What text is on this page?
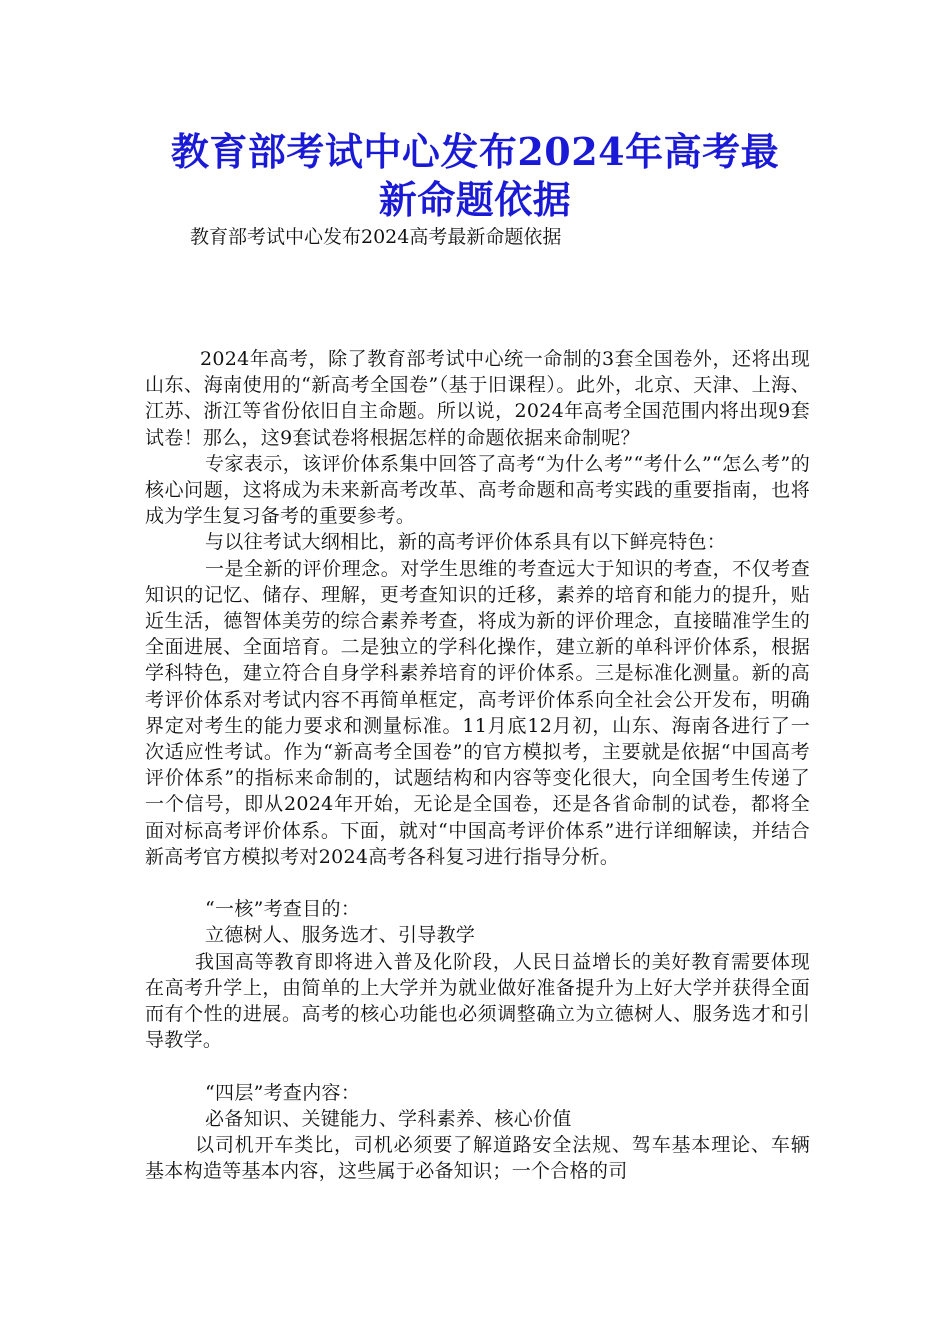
教育部考试中心发布2024年高考最
新命题依据
教育部考试中心发布2024高考最新命题依据

2024年高考，除了教育部考试中心统一命制的3套全国卷外，还将出现山东、海南使用的“新高考全国卷”（基于旧课程）。此外，北京、天津、上海、江苏、浙江等省份依旧自主命题。所以说，2024年高考全国范围内将出现9套试卷！那么，这9套试卷将根据怎样的命题依据来命制呢？

专家表示，该评价体系集中回答了高考“为什么考”“考什么”“怎么考”的核心问题，这将成为未来新高考改革、高考命题和高考实践的重要指南，也将成为学生复习备考的重要参考。

与以往考试大纲相比，新的高考评价体系具有以下鲜亮特色：

一是全新的评价理念。对学生思维的考查远大于知识的考查，不仅考查知识的记忆、储存、理解，更考查知识的迁移，素养的培育和能力的提升，贴近生活，德智体美劳的综合素养考查，将成为新的评价理念，直接瞄准学生的全面进展、全面培育。二是独立的学科化操作，建立新的单科评价体系，根据学科特色，建立符合自身学科素养培育的评价体系。三是标准化测量。新的高考评价体系对考试内容不再简单框定，高考评价体系向全社会公开发布，明确界定对考生的能力要求和测量标准。11月底12月初，山东、海南各进行了一次适应性考试。作为“新高考全国卷”的官方模拟考，主要就是依据“中国高考评价体系”的指标来命制的，试题结构和内容等变化很大，向全国考生传递了一个信号，即从2024年开始，无论是全国卷，还是各省命制的试卷，都将全面对标高考评价体系。下面，就对“中国高考评价体系”进行详细解读，并结合新高考官方模拟考对2024高考各科复习进行指导分析。

“一核”考查目的：

立德树人、服务选才、引导教学

我国高等教育即将进入普及化阶段，人民日益增长的美好教育需要体现在高考升学上，由简单的上大学并为就业做好准备提升为上好大学并获得全面而有个性的进展。高考的核心功能也必须调整确立为立德树人、服务选才和引导教学。

“四层”考查内容：

必备知识、关键能力、学科素养、核心价值

以司机开车类比，司机必须要了解道路安全法规、驾车基本理论、车辆基本构造等基本内容，这些属于必备知识；一个合格的司
